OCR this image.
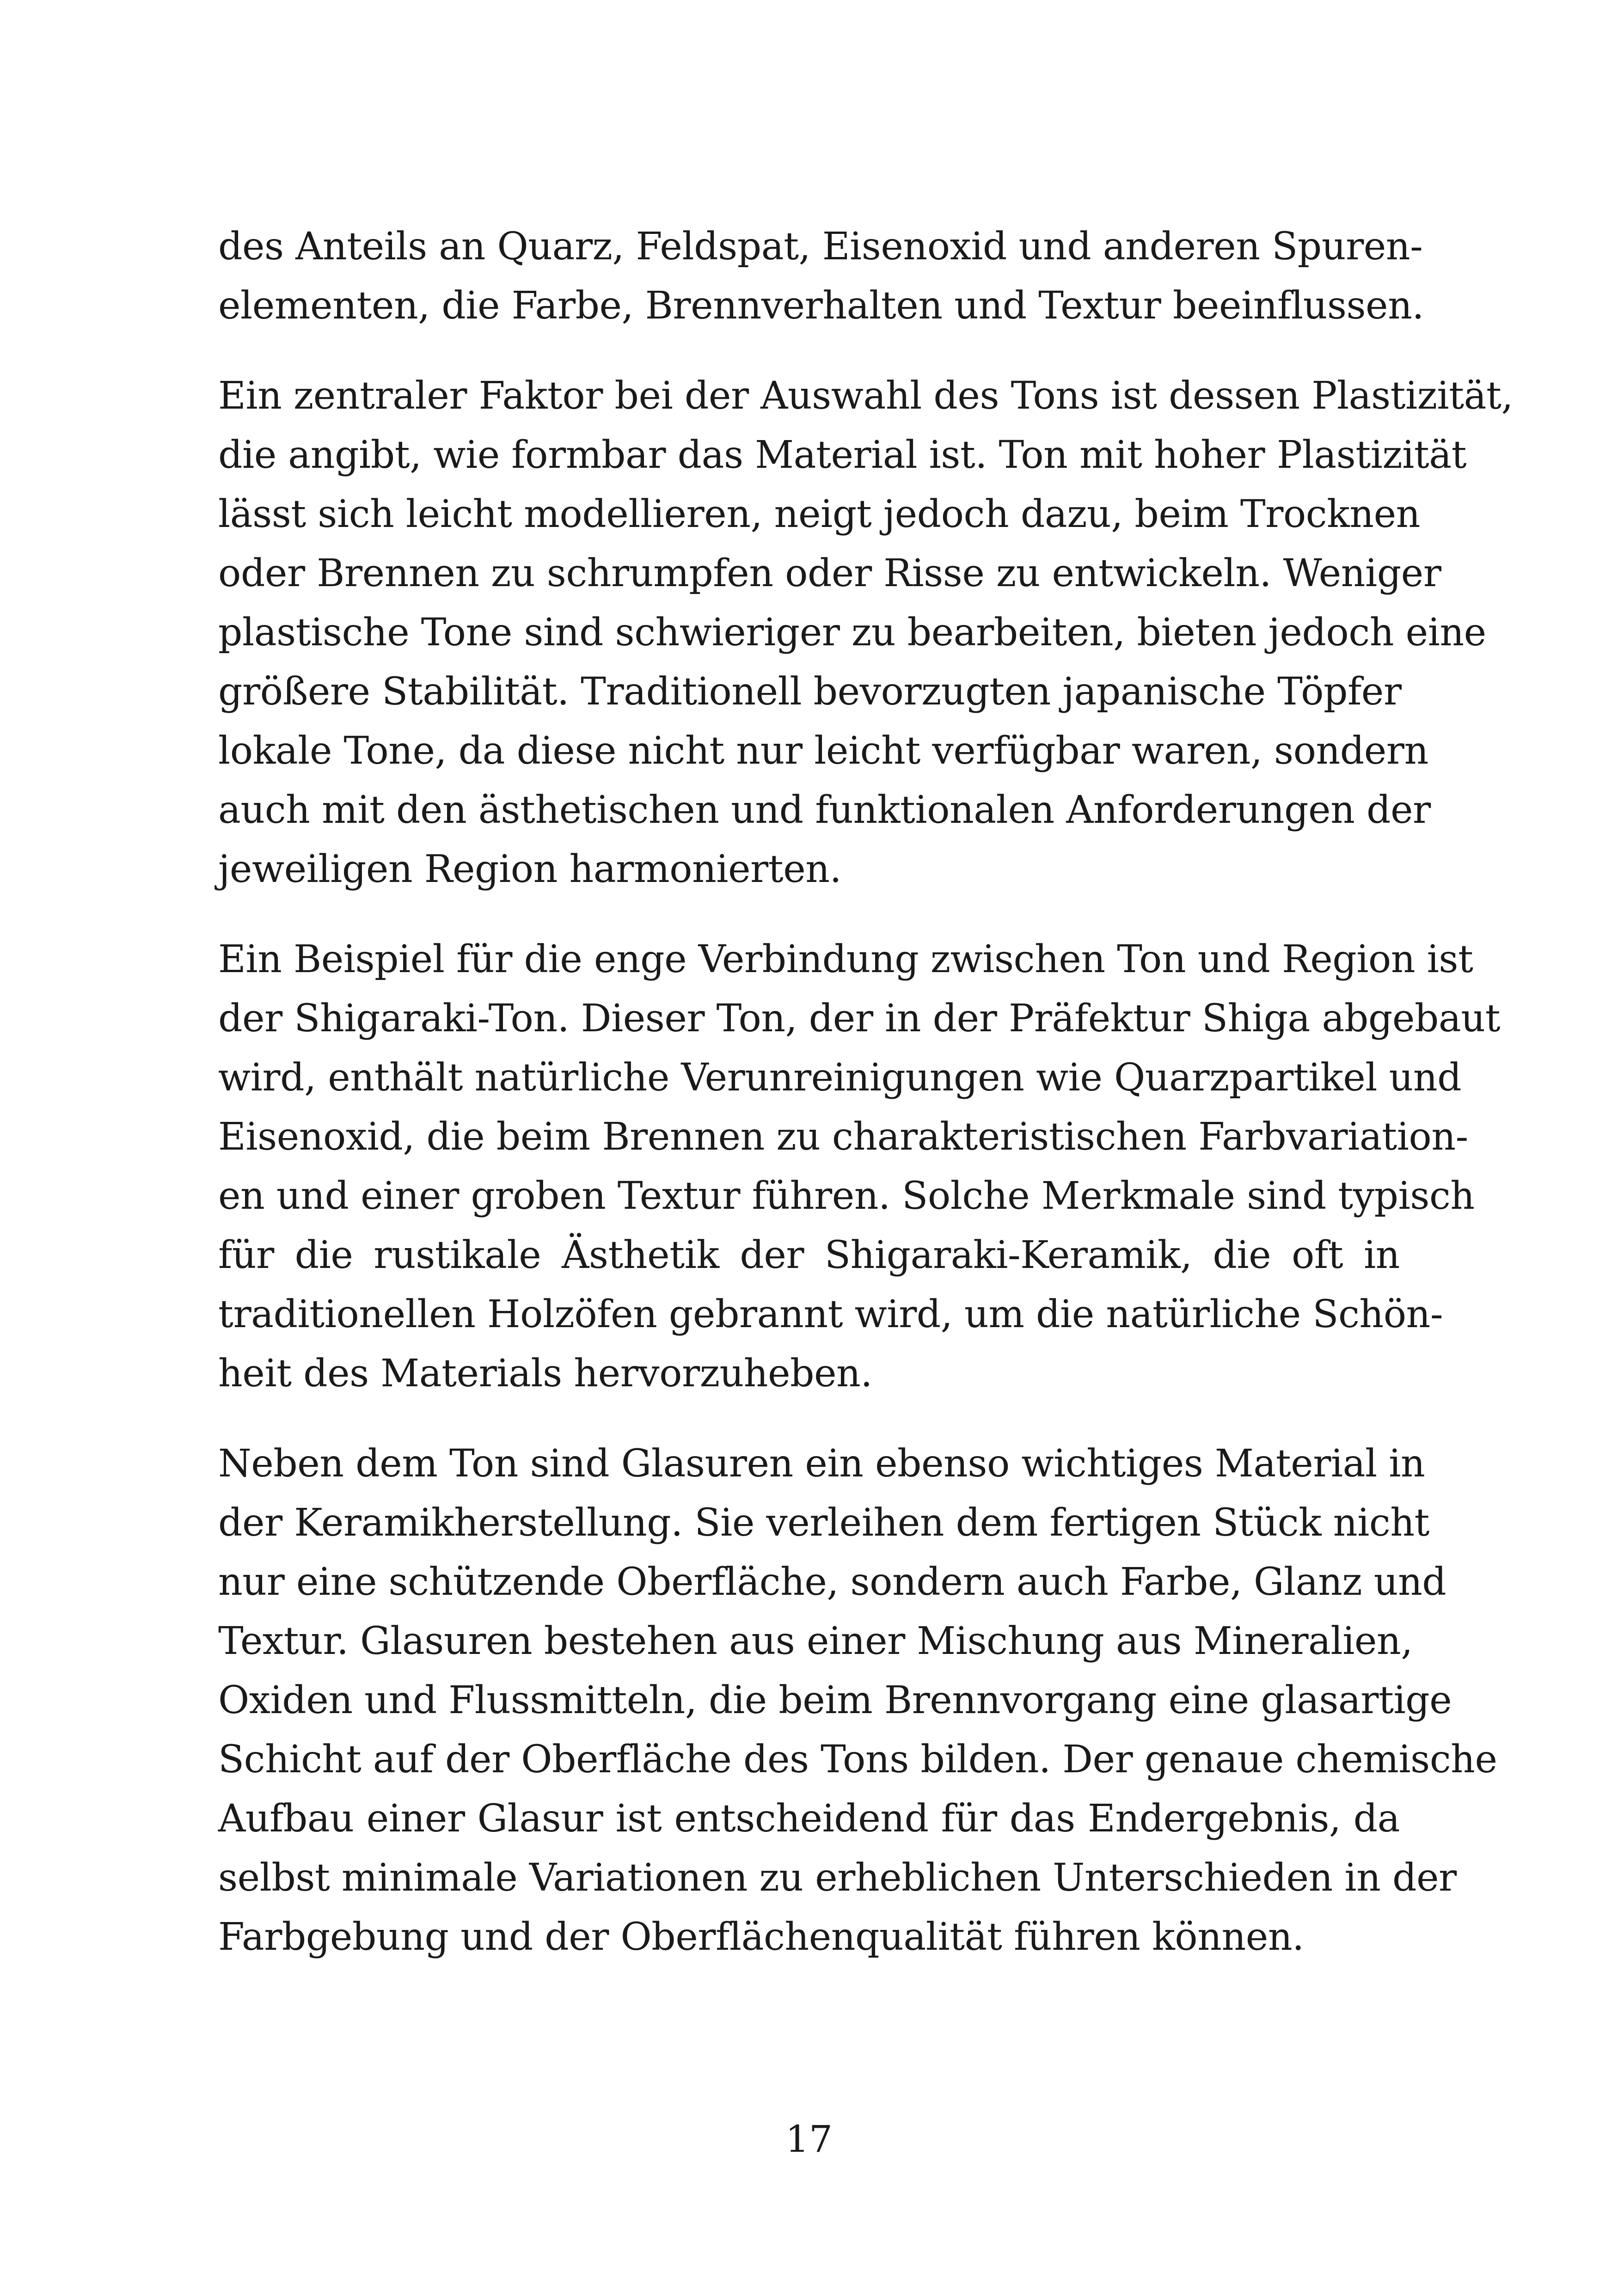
des Anteils an Quarz, Feldspat, Eisenoxid und anderen Spuren-
elementen, die Farbe, Brennverhalten und Textur beeinflussen.

Ein zentraler Faktor bei der Auswahl des Tons ist dessen Plastizität,
die angibt, wie formbar das Material ist. Ton mit hoher Plastizität
lässt sich leicht modellieren, neigt jedoch dazu, beim Trocknen
oder Brennen zu schrumpfen oder Risse zu entwickeln. Weniger
plastische Tone sind schwieriger zu bearbeiten, bieten jedoch eine
größere Stabilität. Traditionell bevorzugten japanische Töpfer
lokale Tone, da diese nicht nur leicht verfügbar waren, sondern
auch mit den ästhetischen und funktionalen Anforderungen der
jeweiligen Region harmonierten.

Ein Beispiel für die enge Verbindung zwischen Ton und Region ist
der Shigaraki-Ton. Dieser Ton, der in der Präfektur Shiga abgebaut
wird, enthält natürliche Verunreinigungen wie Quarzpartikel und
Eisenoxid, die beim Brennen zu charakteristischen Farbvariation-
en und einer groben Textur führen. Solche Merkmale sind typisch
für die rustikale Ästhetik der Shigaraki-Keramik, die oft in
traditionellen Holzöfen gebrannt wird, um die natürliche Schön-
heit des Materials hervorzuheben.

Neben dem Ton sind Glasuren ein ebenso wichtiges Material in
der Keramikherstellung. Sie verleihen dem fertigen Stück nicht
nur eine schützende Oberfläche, sondern auch Farbe, Glanz und
Textur. Glasuren bestehen aus einer Mischung aus Mineralien,
Oxiden und Flussmitteln, die beim Brennvorgang eine glasartige
Schicht auf der Oberfläche des Tons bilden. Der genaue chemische
Aufbau einer Glasur ist entscheidend für das Endergebnis, da
selbst minimale Variationen zu erheblichen Unterschieden in der
Farbgebung und der Oberflächenqualität führen können.

17
